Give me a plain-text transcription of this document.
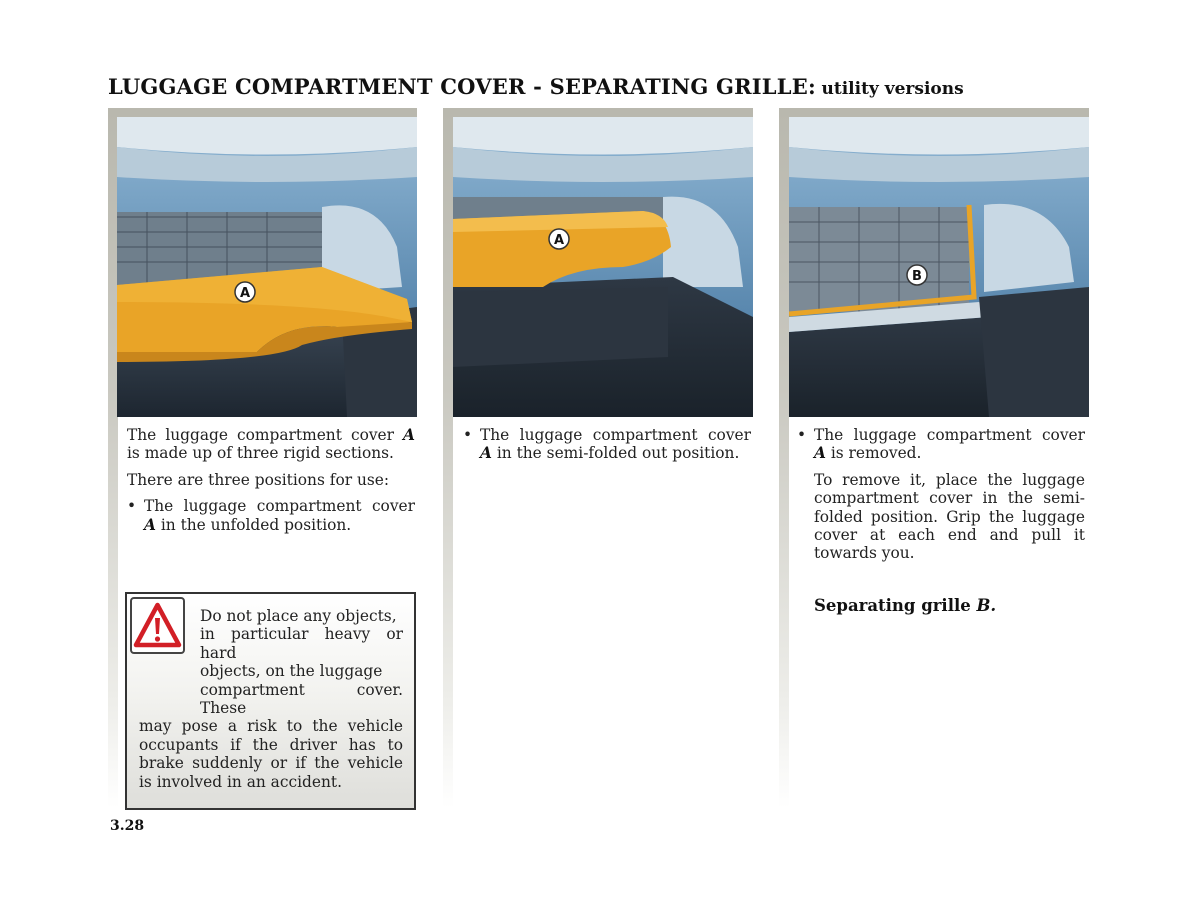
LUGGAGE COMPARTMENT COVER - SEPARATING GRILLE: utility versions
A
A
B

The luggage compartment cover A is made up of three rigid sections.

There are three positions for use:

• The luggage compartment cover A in the unfolded position.

Do not place any objects,
in particular heavy or hard
objects, on the luggage
compartment cover. These
may pose a risk to the vehicle occupants if the driver has to brake suddenly or if the vehicle is involved in an accident.

• The luggage compartment cover A in the semi-folded out position.

• The luggage compartment cover A is removed.

To remove it, place the luggage compartment cover in the semi-folded position. Grip the luggage cover at each end and pull it towards you.

Separating grille B.
3.28
